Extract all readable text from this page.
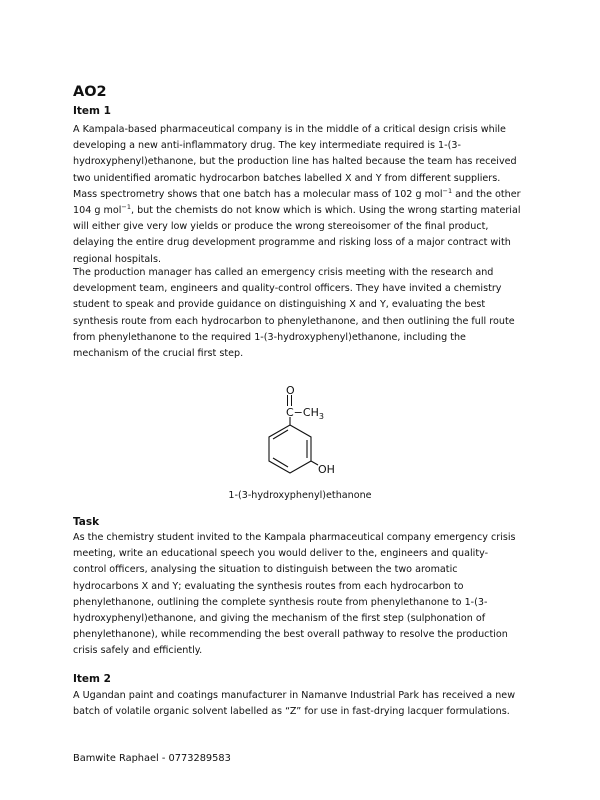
AO2
Item 1

A Kampala-based pharmaceutical company is in the middle of a critical design crisis while
developing a new anti-inflammatory drug. The key intermediate required is 1-(3-
hydroxyphenyl)ethanone, but the production line has halted because the team has received
two unidentified aromatic hydrocarbon batches labelled X and Y from different suppliers.
Mass spectrometry shows that one batch has a molecular mass of 102 g mol$^{-1}$ and the other
104 g mol$^{-1}$, but the chemists do not know which is which. Using the wrong starting material
will either give very low yields or produce the wrong stereoisomer of the final product,
delaying the entire drug development programme and risking loss of a major contract with
regional hospitals.

The production manager has called an emergency crisis meeting with the research and
development team, engineers and quality-control officers. They have invited a chemistry
student to speak and provide guidance on distinguishing X and Y, evaluating the best
synthesis route from each hydrocarbon to phenylethanone, and then outlining the full route
from phenylethanone to the required 1-(3-hydroxyphenyl)ethanone, including the
mechanism of the crucial first step.

O
$C-CH_3$
OH
1-(3-hydroxyphenyl)ethanone
Task

As the chemistry student invited to the Kampala pharmaceutical company emergency crisis
meeting, write an educational speech you would deliver to the, engineers and quality-
control officers, analysing the situation to distinguish between the two aromatic
hydrocarbons X and Y; evaluating the synthesis routes from each hydrocarbon to
phenylethanone, outlining the complete synthesis route from phenylethanone to 1-(3-
hydroxyphenyl)ethanone, and giving the mechanism of the first step (sulphonation of
phenylethanone), while recommending the best overall pathway to resolve the production
crisis safely and efficiently.

Item 2

A Ugandan paint and coatings manufacturer in Namanve Industrial Park has received a new
batch of volatile organic solvent labelled as “Z” for use in fast-drying lacquer formulations.

Bamwite Raphael - 0773289583
